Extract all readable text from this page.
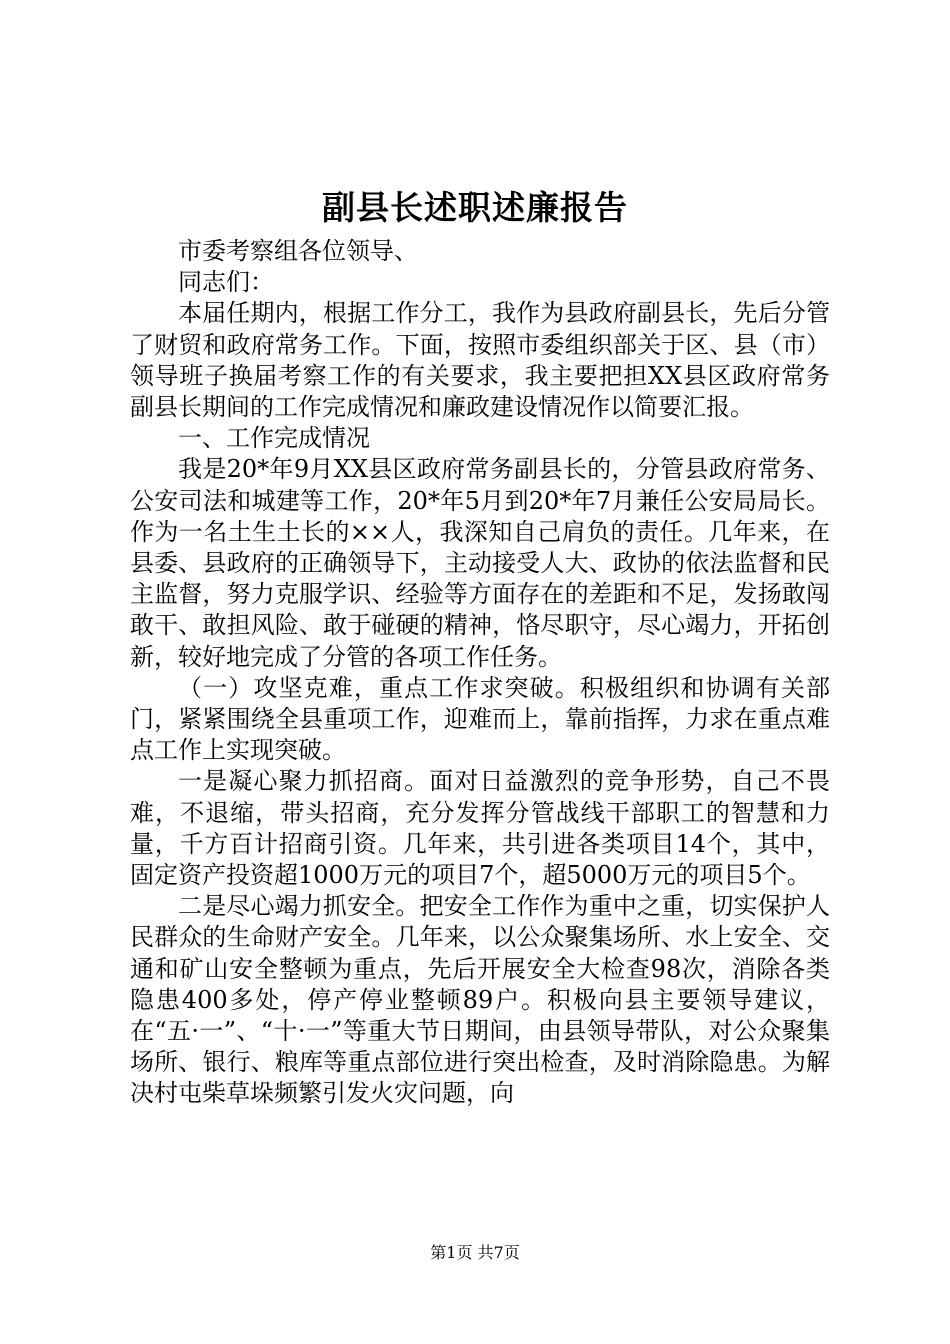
副县长述职述廉报告

市委考察组各位领导、

同志们：

本届任期内，根据工作分工，我作为县政府副县长，先后分管了财贸和政府常务工作。下面，按照市委组织部关于区、县（市）领导班子换届考察工作的有关要求，我主要把担XX县区政府常务副县长期间的工作完成情况和廉政建设情况作以简要汇报。

一、工作完成情况

我是20*年9月XX县区政府常务副县长的，分管县政府常务、公安司法和城建等工作，20*年5月到20*年7月兼任公安局局长。作为一名土生土长的××人，我深知自己肩负的责任。几年来，在县委、县政府的正确领导下，主动接受人大、政协的依法监督和民主监督，努力克服学识、经验等方面存在的差距和不足，发扬敢闯敢干、敢担风险、敢于碰硬的精神，恪尽职守，尽心竭力，开拓创新，较好地完成了分管的各项工作任务。

（一）攻坚克难，重点工作求突破。积极组织和协调有关部门，紧紧围绕全县重项工作，迎难而上，靠前指挥，力求在重点难点工作上实现突破。

一是凝心聚力抓招商。面对日益激烈的竞争形势，自己不畏难，不退缩，带头招商，充分发挥分管战线干部职工的智慧和力量，千方百计招商引资。几年来，共引进各类项目14个，其中，固定资产投资超1000万元的项目7个，超5000万元的项目5个。

二是尽心竭力抓安全。把安全工作作为重中之重，切实保护人民群众的生命财产安全。几年来，以公众聚集场所、水上安全、交通和矿山安全整顿为重点，先后开展安全大检查98次，消除各类隐患400多处，停产停业整顿89户。积极向县主要领导建议，在“五·一”、“十·一”等重大节日期间，由县领导带队，对公众聚集场所、银行、粮库等重点部位进行突出检查，及时消除隐患。为解决村屯柴草垛频繁引发火灾问题，向

第1页 共7页
